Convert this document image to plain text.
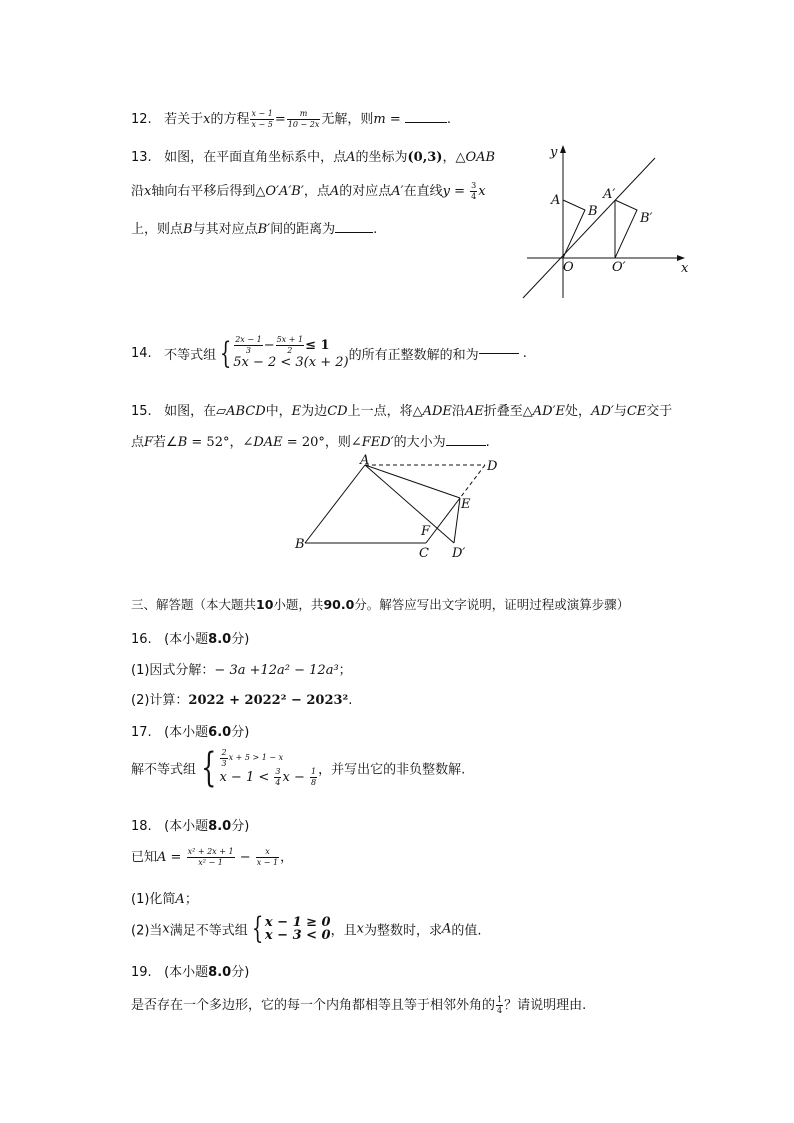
12. 若关于x的方程 $\frac{x - 1}{x - 5} = \frac{m}{10 - 2x}$ 无解，则m =	.
13. 如图，在平面直角坐标系中，点A的坐标为(0,3)，△OAB
沿x轴向右平移后得到△O′A′B′，点A的对应点A′在直线$y = \frac{3}{4}$ x
上，则点B与其对应点B′间的距离为	.
y
x
A
B
O
A′
B′
O′
14. 不等式组 { $\frac{2x - 1}{3} - \frac{5x + 1}{2} \le 1$
5x − 2 < 3(x + 2) 的所有正整数解的和为	.
15. 如图，在▱ABCD中，E为边CD上一点，将△ADE沿AE折叠至△AD′E处，AD′与CE交于
点F若∠B = 52°，∠DAE = 20°，则∠FED′的大小为	.
A	D
E
F
B
C D′
三、解答题（本大题共10小题，共90.0分。解答应写出文字说明，证明过程或演算步骤）
16. (本小题8.0分)
(1)因式分解：− 3a +12a² − 12a³；
(2)计算：2022 + 2022² − 2023².
17. (本小题6.0分)
解不等式组 { $\frac{2}{3}$ x + 5 > 1 − x
$x - 1 < \frac{3}{4}$ $x - \frac{1}{8}$ ，并写出它的非负整数解.
18. (本小题8.0分)
已知$A = \frac{\text{x² + 2x + 1}}{\text{x² − 1}} - \frac{x}{x - 1}$ ，
(1)化简A；
(2)当x满足不等式组 { x − 1 ≥ 0
x − 3 < 0 ，且x为整数时，求A的值.
19. (本小题8.0分)
是否存在一个多边形，它的每一个内角都相等且等于相邻外角的 $\frac{1}{4}$ ？请说明理由.
